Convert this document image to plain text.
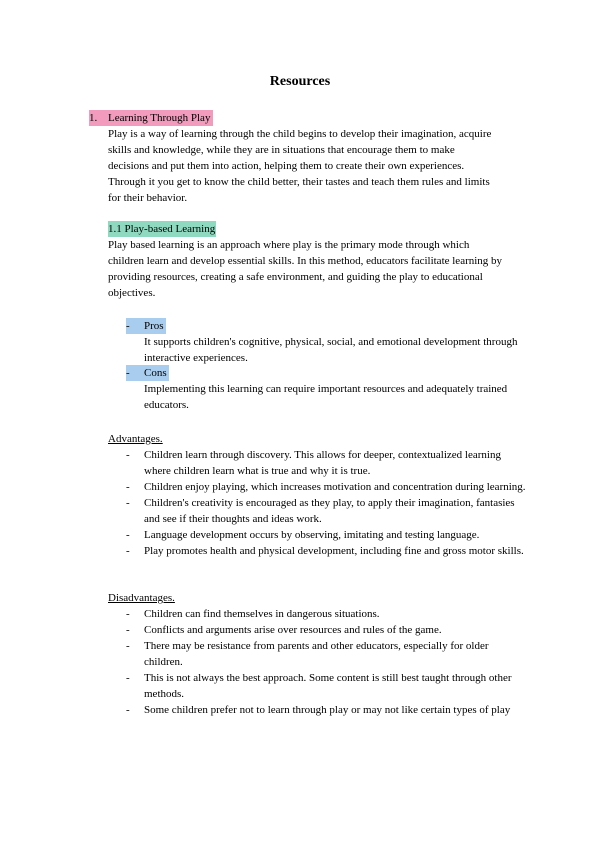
Resources
1. Learning Through Play
Play is a way of learning through the child begins to develop their imagination, acquire skills and knowledge, while they are in situations that encourage them to make decisions and put them into action, helping them to create their own experiences. Through it you get to know the child better, their tastes and teach them rules and limits for their behavior.
1.1 Play-based Learning
Play based learning is an approach where play is the primary mode through which children learn and develop essential skills. In this method, educators facilitate learning by providing resources, creating a safe environment, and guiding the play to educational objectives.
- Pros
It supports children's cognitive, physical, social, and emotional development through interactive experiences.
- Cons
Implementing this learning can require important resources and adequately trained educators.
Advantages.
- Children learn through discovery. This allows for deeper, contextualized learning where children learn what is true and why it is true.
- Children enjoy playing, which increases motivation and concentration during learning.
- Children's creativity is encouraged as they play, to apply their imagination, fantasies and see if their thoughts and ideas work.
- Language development occurs by observing, imitating and testing language.
- Play promotes health and physical development, including fine and gross motor skills.
Disadvantages.
- Children can find themselves in dangerous situations.
- Conflicts and arguments arise over resources and rules of the game.
- There may be resistance from parents and other educators, especially for older children.
- This is not always the best approach. Some content is still best taught through other methods.
- Some children prefer not to learn through play or may not like certain types of play
